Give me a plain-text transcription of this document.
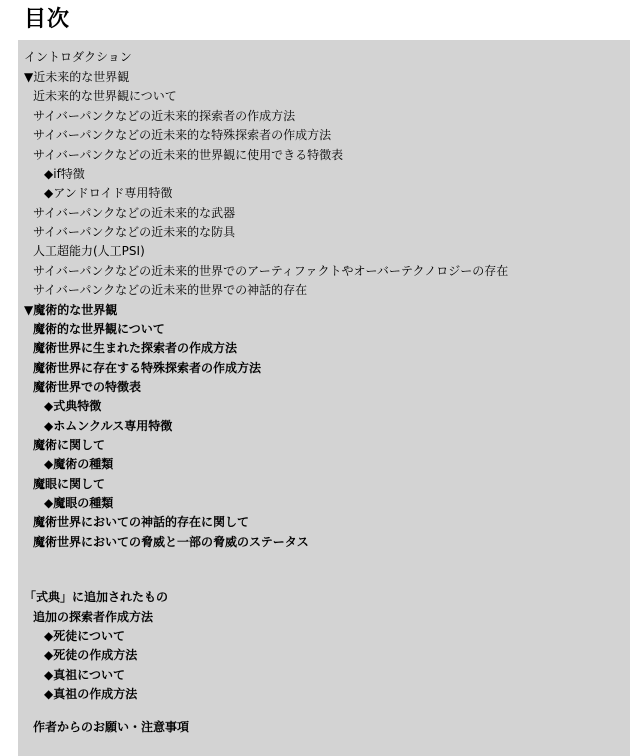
目次
イントロダクション
▼近未来的な世界観
近未来的な世界観について
サイバーパンクなどの近未来的探索者の作成方法
サイバーパンクなどの近未来的な特殊探索者の作成方法
サイバーパンクなどの近未来的世界観に使用できる特徴表
◆if特徴
◆アンドロイド専用特徴
サイバーパンクなどの近未来的な武器
サイバーパンクなどの近未来的な防具
人工超能力(人工PSI)
サイバーパンクなどの近未来的世界でのアーティファクトやオーバーテクノロジーの存在
サイバーパンクなどの近未来的世界での神話的存在
▼魔術的な世界観
魔術的な世界観について
魔術世界に生まれた探索者の作成方法
魔術世界に存在する特殊探索者の作成方法
魔術世界での特徴表
◆式典特徴
◆ホムンクルス専用特徴
魔術に関して
◆魔術の種類
魔眼に関して
◆魔眼の種類
魔術世界においての神話的存在に関して
魔術世界においての脅威と一部の脅威のステータス
「式典」に追加されたもの
追加の探索者作成方法
◆死徒について
◆死徒の作成方法
◆真祖について
◆真祖の作成方法
作者からのお願い・注意事項
